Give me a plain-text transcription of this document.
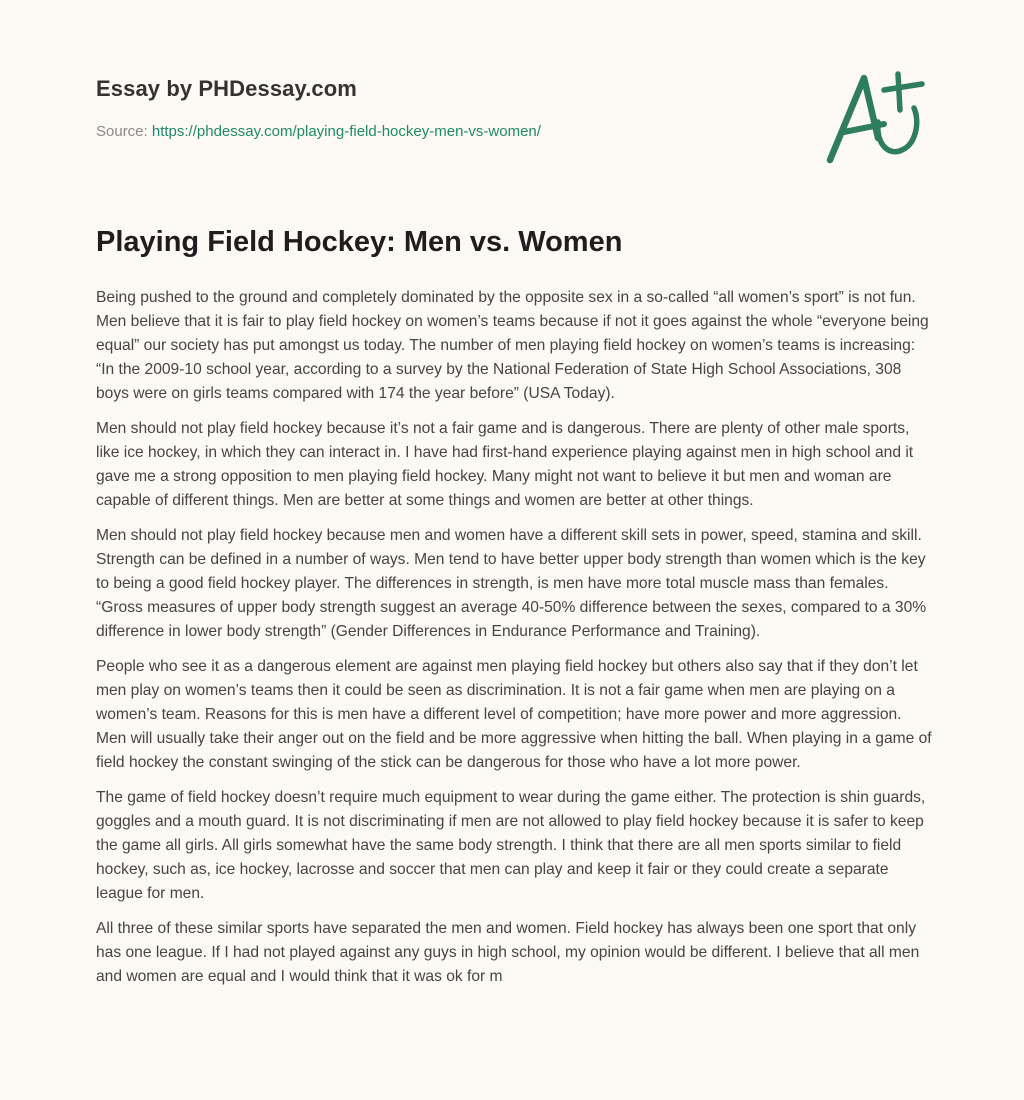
Essay by PHDessay.com

Source: https://phdessay.com/playing-field-hockey-men-vs-women/

Playing Field Hockey: Men vs. Women

Being pushed to the ground and completely dominated by the opposite sex in a so-called “all women’s sport” is not fun. Men believe that it is fair to play field hockey on women’s teams because if not it goes against the whole “everyone being equal” our society has put amongst us today. The number of men playing field hockey on women’s teams is increasing: “In the 2009-10 school year, according to a survey by the National Federation of State High School Associations, 308 boys were on girls teams compared with 174 the year before” (USA Today).

Men should not play field hockey because it’s not a fair game and is dangerous. There are plenty of other male sports, like ice hockey, in which they can interact in. I have had first-hand experience playing against men in high school and it gave me a strong opposition to men playing field hockey. Many might not want to believe it but men and woman are capable of different things. Men are better at some things and women are better at other things.

Men should not play field hockey because men and women have a different skill sets in power, speed, stamina and skill. Strength can be defined in a number of ways. Men tend to have better upper body strength than women which is the key to being a good field hockey player. The differences in strength, is men have more total muscle mass than females. “Gross measures of upper body strength suggest an average 40-50% difference between the sexes, compared to a 30% difference in lower body strength” (Gender Differences in Endurance Performance and Training).

People who see it as a dangerous element are against men playing field hockey but others also say that if they don’t let men play on women’s teams then it could be seen as discrimination. It is not a fair game when men are playing on a women’s team. Reasons for this is men have a different level of competition; have more power and more aggression. Men will usually take their anger out on the field and be more aggressive when hitting the ball. When playing in a game of field hockey the constant swinging of the stick can be dangerous for those who have a lot more power.

The game of field hockey doesn’t require much equipment to wear during the game either. The protection is shin guards, goggles and a mouth guard. It is not discriminating if men are not allowed to play field hockey because it is safer to keep the game all girls. All girls somewhat have the same body strength. I think that there are all men sports similar to field hockey, such as, ice hockey, lacrosse and soccer that men can play and keep it fair or they could create a separate league for men.

All three of these similar sports have separated the men and women. Field hockey has always been one sport that only has one league. If I had not played against any guys in high school, my opinion would be different. I believe that all men and women are equal and I would think that it was ok for m
